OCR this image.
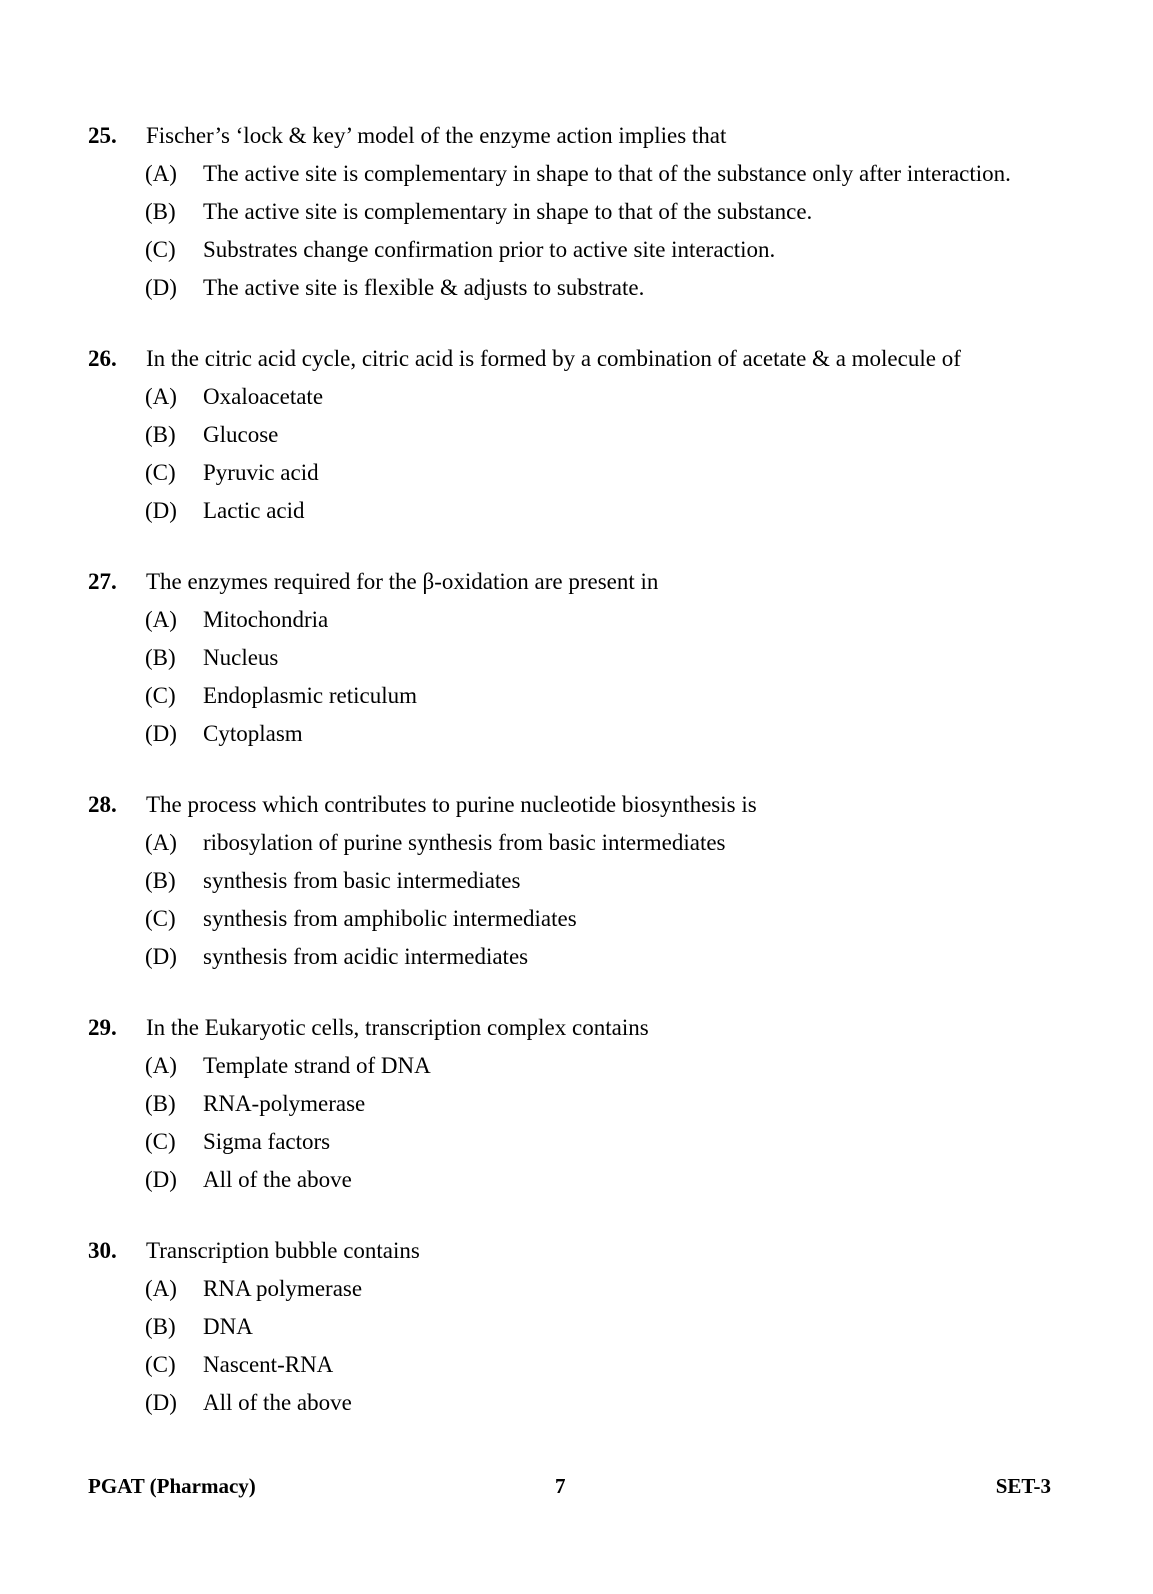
25. Fischer’s ‘lock & key’ model of the enzyme action implies that
(A) The active site is complementary in shape to that of the substance only after interaction.
(B) The active site is complementary in shape to that of the substance.
(C) Substrates change confirmation prior to active site interaction.
(D) The active site is flexible & adjusts to substrate.
26. In the citric acid cycle, citric acid is formed by a combination of acetate & a molecule of
(A) Oxaloacetate
(B) Glucose
(C) Pyruvic acid
(D) Lactic acid
27. The enzymes required for the β-oxidation are present in
(A) Mitochondria
(B) Nucleus
(C) Endoplasmic reticulum
(D) Cytoplasm
28. The process which contributes to purine nucleotide biosynthesis is
(A) ribosylation of purine synthesis from basic intermediates
(B) synthesis from basic intermediates
(C) synthesis from amphibolic intermediates
(D) synthesis from acidic intermediates
29. In the Eukaryotic cells, transcription complex contains
(A) Template strand of DNA
(B) RNA-polymerase
(C) Sigma factors
(D) All of the above
30. Transcription bubble contains
(A) RNA polymerase
(B) DNA
(C) Nascent-RNA
(D) All of the above
PGAT (Pharmacy)	7	SET-3
